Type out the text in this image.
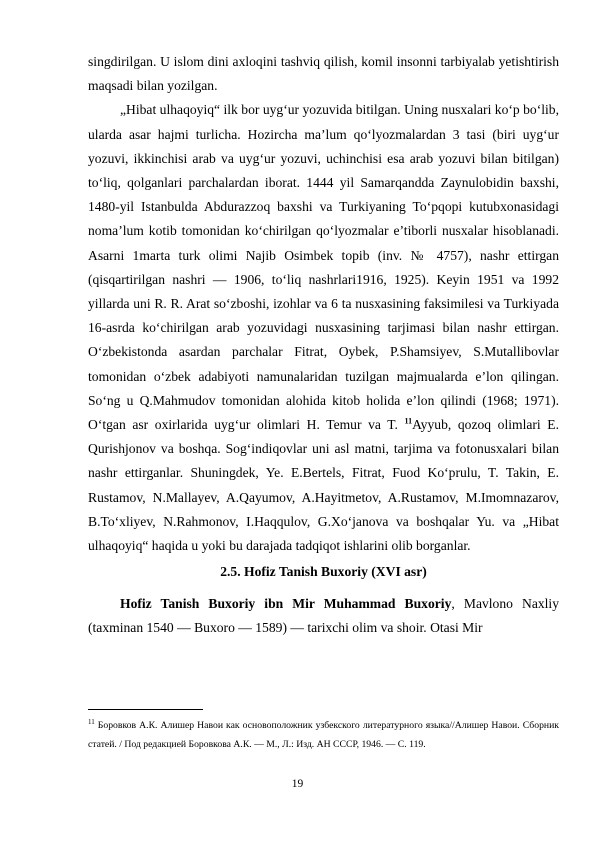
singdirilgan. U islom dini axloqini tashviq qilish, komil insonni tarbiyalab yetishtirish maqsadi bilan yozilgan.

„Hibat ulhaqoyiq“ ilk bor uyg‘ur yozuvida bitilgan. Uning nusxalari ko‘p bo‘lib, ularda asar hajmi turlicha. Hozircha ma’lum qo‘lyozmalardan 3 tasi (biri uyg‘ur yozuvi, ikkinchisi arab va uyg‘ur yozuvi, uchinchisi esa arab yozuvi bilan bitilgan) to‘liq, qolganlari parchalardan iborat. 1444 yil Samarqandda Zaynulobidin baxshi, 1480-yil Istanbulda Abdurazzoq baxshi va Turkiyaning To‘pqopi kutubxonasidagi noma’lum kotib tomonidan ko‘chirilgan qo‘lyozmalar e’tiborli nusxalar hisoblanadi. Asarni 1marta turk olimi Najib Osimbek topib (inv. № 4757), nashr ettirgan (qisqartirilgan nashri — 1906, to‘liq nashrlari1916, 1925). Keyin 1951 va 1992 yillarda uni R. R. Arat so‘zboshi, izohlar va 6 ta nusxasining faksimilesi va Turkiyada 16-asrda ko‘chirilgan arab yozuvidagi nusxasining tarjimasi bilan nashr ettirgan. O‘zbekistonda asardan parchalar Fitrat, Oybek, P.Shamsiyev, S.Mutallibovlar tomonidan o‘zbek adabiyoti namunalaridan tuzilgan majmualarda e’lon qilingan. So‘ng u Q.Mahmudov tomonidan alohida kitob holida e’lon qilindi (1968; 1971). O‘tgan asr oxirlarida uyg‘ur olimlari H. Temur va T. $^{11}$Ayyub, qozoq olimlari E. Qurishjonov va boshqa. Sog‘indiqovlar uni asl matni, tarjima va fotonusxalari bilan nashr ettirganlar. Shuningdek, Ye. E.Bertels, Fitrat, Fuod Ko‘prulu, T. Takin, E. Rustamov, N.Mallayev, A.Qayumov, A.Hayitmetov, A.Rustamov, M.Imomnazarov, B.To‘xliyev, N.Rahmonov, I.Haqqulov, G.Xo‘janova va boshqalar Yu. va „Hibat ulhaqoyiq“ haqida u yoki bu darajada tadqiqot ishlarini olib borganlar.

2.5. Hofiz Tanish Buxoriy (XVI asr)

Hofiz Tanish Buxoriy ibn Mir Muhammad Buxoriy, Mavlono Naxliy (taxminan 1540 — Buxoro — 1589) — tarixchi olim va shoir. Otasi Mir

$^{11}$ Боровков А.К. Алишер Навои как основоположник узбекского литературного языка//Алишер Навои. Сборник статей. / Под редакцией Боровкова А.К. — М., Л.: Изд. АН СССР, 1946. — С. 119.

19
